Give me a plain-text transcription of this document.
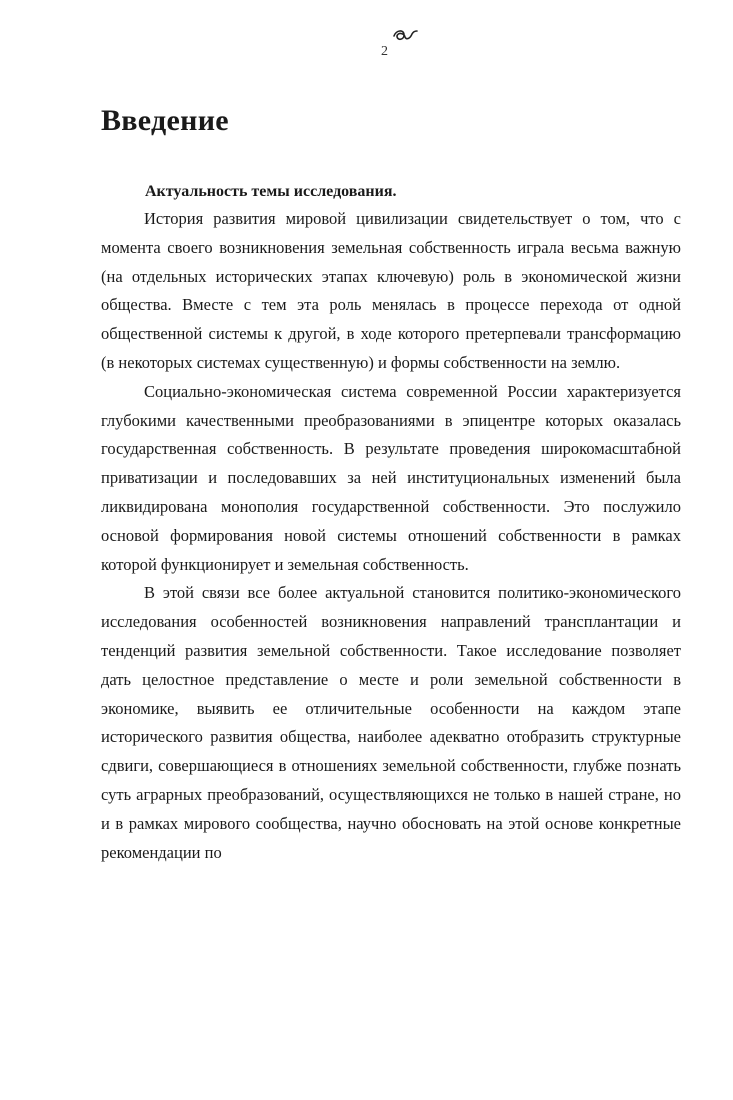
2
Введение
Актуальность темы исследования.

История развития мировой цивилизации свидетельствует о том, что с момента своего возникновения земельная собственность играла весьма важную (на отдельных исторических этапах ключевую) роль в экономической жизни общества. Вместе с тем эта роль менялась в процессе перехода от одной общественной системы к другой, в ходе которого претерпевали трансформацию (в некоторых системах существенную) и формы собственности на землю.

Социально-экономическая система современной России характеризуется глубокими качественными преобразованиями в эпицентре которых оказалась государственная собственность. В результате проведения широкомасштабной приватизации и последовавших за ней институциональных изменений была ликвидирована монополия государственной собственности. Это послужило основой формирования новой системы отношений собственности в рамках которой функционирует и земельная собственность.

В этой связи все более актуальной становится политико-экономического исследования особенностей возникновения направлений трансплантации и тенденций развития земельной собственности. Такое исследование позволяет дать целостное представление о месте и роли земельной собственности в экономике, выявить ее отличительные особенности на каждом этапе исторического развития общества, наиболее адекватно отобразить структурные сдвиги, совершающиеся в отношениях земельной собственности, глубже познать суть аграрных преобразований, осуществляющихся не только в нашей стране, но и в рамках мирового сообщества, научно обосновать на этой основе конкретные рекомендации по
